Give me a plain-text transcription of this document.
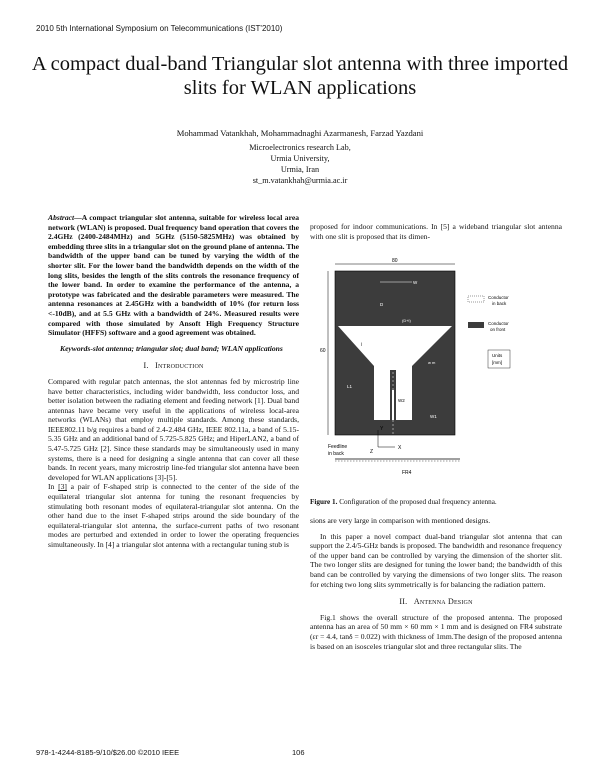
2010 5th International Symposium on Telecommunications (IST'2010)
A compact dual-band Triangular slot antenna with three imported slits for WLAN applications
Mohammad Vatankhah, Mohammadnaghi Azarmanesh, Farzad Yazdani
Microelectronics research Lab,
Urmia University,
Urmia, Iran
st_m.vatankhah@urmia.ac.ir

Abstract—A compact triangular slot antenna, suitable for wireless local area network (WLAN) is proposed. Dual frequency band operation that covers the 2.4GHz (2400-2484MHz) and 5GHz (5150-5825MHz) was obtained by embedding three slits in a triangular slot on the ground plane of antenna. The bandwidth of the upper band can be tuned by varying the width of the shorter slit. For the lower band the bandwidth depends on the width of the long slits, besides the length of the slits controls the resonance frequency of the lower band. In order to examine the performance of the antenna, a prototype was fabricated and the desirable parameters were measured. The antenna resonances at 2.45GHz with a bandwidth of 10% (for return loss <-10dB), and at 5.5 GHz with a bandwidth of 24%. Measured results were compared with those simulated by Ansoft High Frequency Structure Simulator (HFFS) software and a good agreement was obtained.

Keywords-slot antenna; triangular slot; dual band; WLAN applications

I. Introduction

Compared with regular patch antennas, the slot antennas fed by microstrip line have better characteristics, including wider bandwidth, less conductor loss, and better isolation between the radiating element and feeding network [1]. Dual band antennas have became very useful in the applications of wireless local-area networks (WLANs) that employ multiple standards. Among these standards, IEEE802.11 b/g requires a band of 2.4-2.484 GHz, IEEE 802.11a, a band of 5.15-5.35 GHz and an additional band of 5.725-5.825 GHz; and HiperLAN2, a band of 5.47-5.725 GHz [2]. Since these standards may be simultaneously used in many systems, there is a need for designing a single antenna that can cover all these bands. In recent years, many microstrip line-fed triangular slot antenna have been developed for WLAN applications [3]-[5].

In [3] a pair of F-shaped strip is connected to the center of the side of the equilateral triangular slot antenna for tuning the resonant frequencies by stimulating both resonant modes of equilateral-triangular slot antenna. On the other hand due to the inset F-shaped strips around the side boundary of the equilateral-triangular slot antenna, the surface-current paths of two resonant modes are perturbed and extended in order to lower the operating frequencies simultaneously. In [4] a triangular slot antenna with a rectangular tuning stub is

proposed for indoor communications. In [5] a wideband triangular slot antenna with one slit is proposed that its dimen-
80
60
W
D
(D+l)
l
L1
L2
W1
W2
w m
Feedline
in back
Y
X
Z
FR4
Conductor
in back
Conductor
on front
Units
[mm]
Figure 1. Configuration of the proposed dual frequency antenna.

sions are very large in comparison with mentioned designs.

In this paper a novel compact dual-band triangular slot antenna that can support the 2.4/5-GHz bands is proposed. The bandwidth and resonance frequency of the upper band can be controlled by varying the dimension of the shorter slit. The two longer slits are designed for tuning the lower band; the bandwidth of this band can be controlled by varying the dimensions of two longer slits. The reason for etching two long slits symmetrically is for balancing the radiation pattern.

II. Antenna Design

Fig.1 shows the overall structure of the proposed antenna. The proposed antenna has an area of 50 mm × 60 mm × 1 mm and is designed on FR4 substrate (εr = 4.4, tanδ = 0.022) with thickness of 1mm.The design of the proposed antenna is based on an isosceles triangular slot and three rectangular slits. The

978-1-4244-8185-9/10/$26.00 ©2010 IEEE	106
